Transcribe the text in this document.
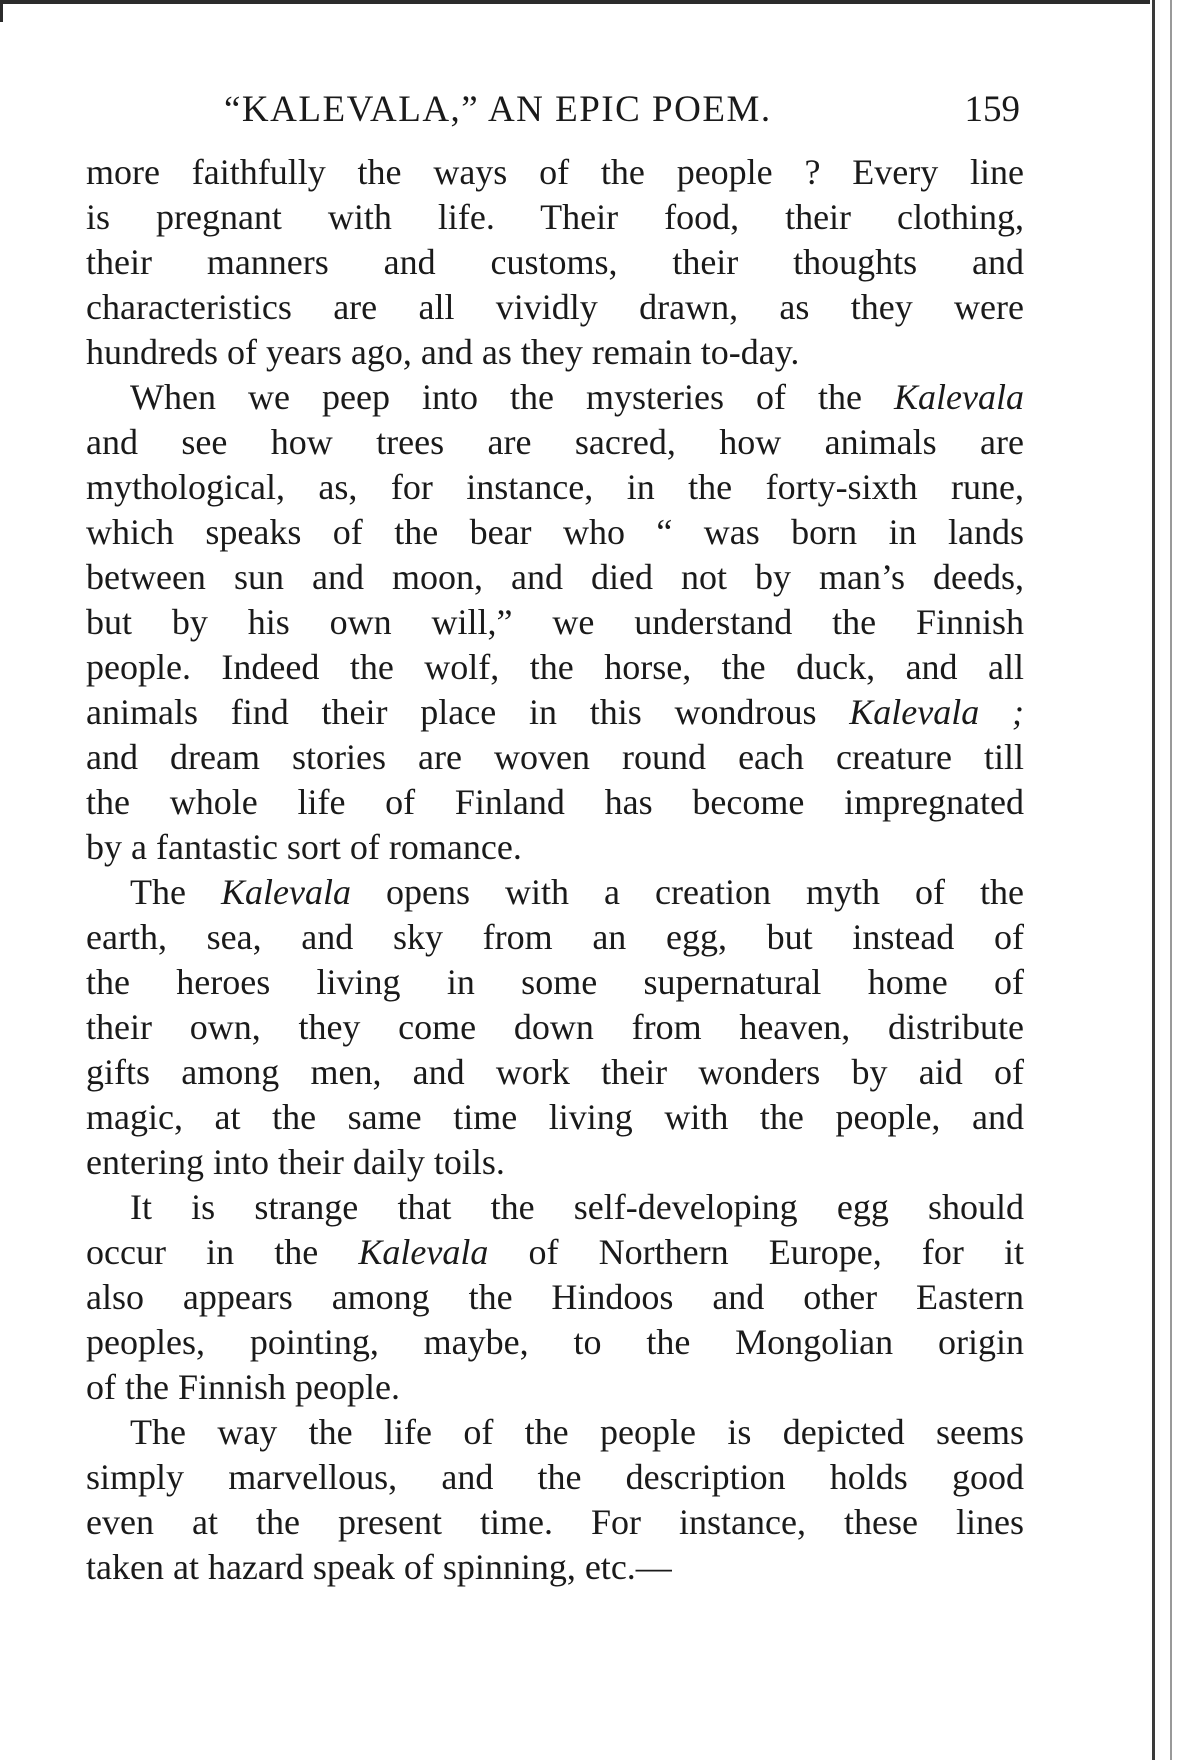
“KALEVALA,” AN EPIC POEM.	159
more faithfully the ways of the people ? Every line
is pregnant with life. Their food, their clothing,
their manners and customs, their thoughts and
characteristics are all vividly drawn, as they were
hundreds of years ago, and as they remain to-day.
When we peep into the mysteries of the Kalevala
and see how trees are sacred, how animals are
mythological, as, for instance, in the forty-sixth rune,
which speaks of the bear who “ was born in lands
between sun and moon, and died not by man’s deeds,
but by his own will,” we understand the Finnish
people. Indeed the wolf, the horse, the duck, and all
animals find their place in this wondrous Kalevala ;
and dream stories are woven round each creature till
the whole life of Finland has become impregnated
by a fantastic sort of romance.
The Kalevala opens with a creation myth of the
earth, sea, and sky from an egg, but instead of
the heroes living in some supernatural home of
their own, they come down from heaven, distribute
gifts among men, and work their wonders by aid of
magic, at the same time living with the people, and
entering into their daily toils.
It is strange that the self-developing egg should
occur in the Kalevala of Northern Europe, for it
also appears among the Hindoos and other Eastern
peoples, pointing, maybe, to the Mongolian origin
of the Finnish people.
The way the life of the people is depicted seems
simply marvellous, and the description holds good
even at the present time. For instance, these lines
taken at hazard speak of spinning, etc.—
